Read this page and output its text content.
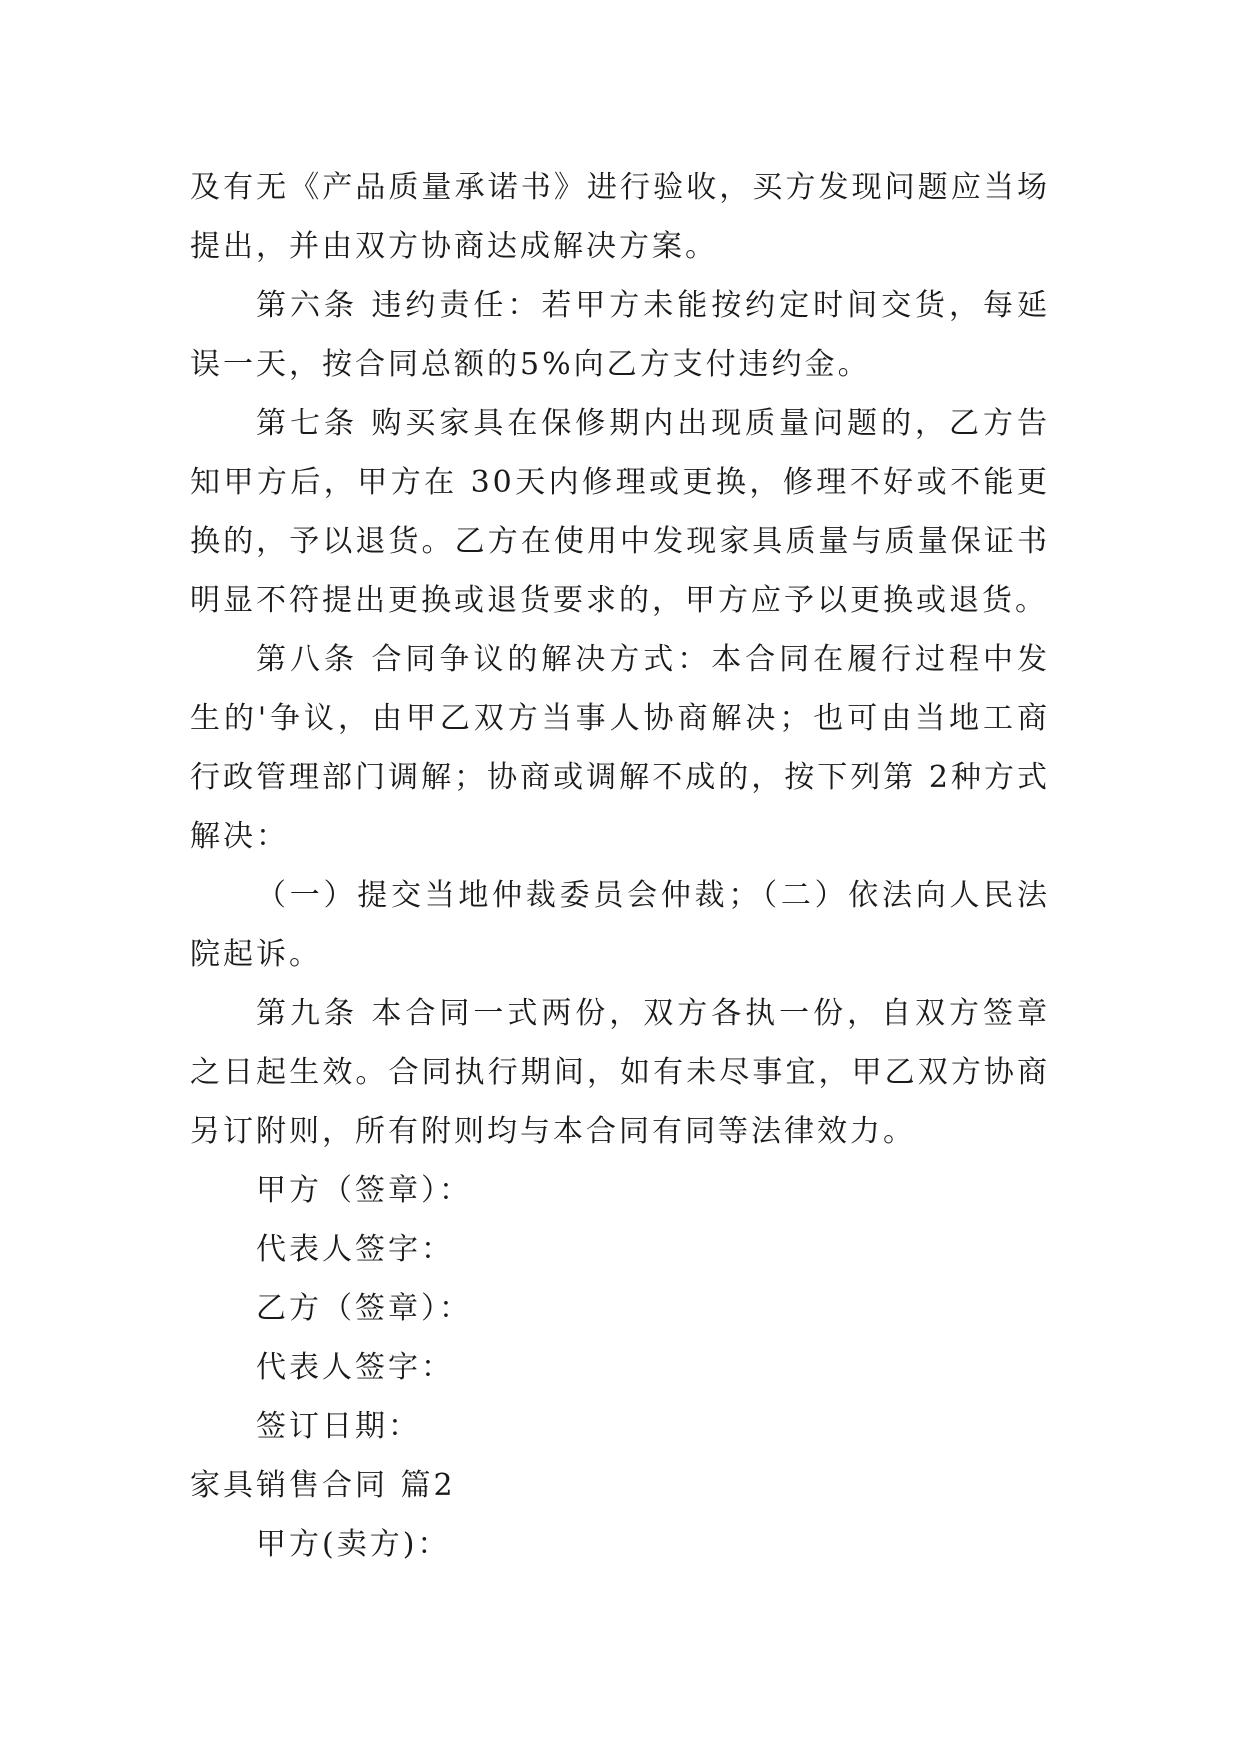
及有无《产品质量承诺书》进行验收，买方发现问题应当场提出，并由双方协商达成解决方案。

第六条 违约责任：若甲方未能按约定时间交货，每延误一天，按合同总额的5%向乙方支付违约金。

第七条 购买家具在保修期内出现质量问题的，乙方告知甲方后，甲方在 30天内修理或更换，修理不好或不能更换的，予以退货。乙方在使用中发现家具质量与质量保证书明显不符提出更换或退货要求的，甲方应予以更换或退货。

第八条 合同争议的解决方式：本合同在履行过程中发生的'争议，由甲乙双方当事人协商解决；也可由当地工商行政管理部门调解；协商或调解不成的，按下列第 2种方式解决：

（一）提交当地仲裁委员会仲裁；（二）依法向人民法院起诉。

第九条 本合同一式两份，双方各执一份，自双方签章之日起生效。合同执行期间，如有未尽事宜，甲乙双方协商另订附则，所有附则均与本合同有同等法律效力。

甲方（签章）：

代表人签字：

乙方（签章）：

代表人签字：

签订日期：

家具销售合同 篇2

甲方(卖方)：
